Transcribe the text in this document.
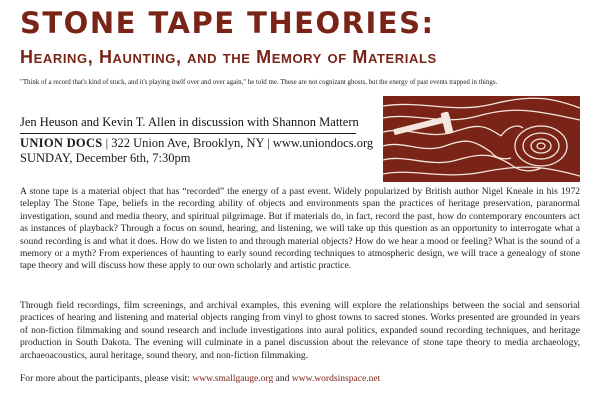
STONE TAPE THEORIES:
Hearing, Haunting, and the Memory of Materials

"Think of a record that's kind of stuck, and it's playing itself over and over again," he told me. These are not cognizant ghosts, but the energy of past events trapped in things.

Jen Heuson and Kevin T. Allen in discussion with Shannon Mattern

UNION DOCS | 322 Union Ave, Brooklyn, NY | www.uniondocs.org

SUNDAY, December 6th, 7:30pm

A stone tape is a material object that has “recorded” the energy of a past event. Widely popularized by British author Nigel Kneale in his 1972 teleplay The Stone Tape, beliefs in the recording ability of objects and environments span the practices of heritage preservation, paranormal investigation, sound and media theory, and spiritual pilgrimage. But if materials do, in fact, record the past, how do contemporary encounters act as instances of playback? Through a focus on sound, hearing, and listening, we will take up this question as an opportunity to interrogate what a sound recording is and what it does. How do we listen to and through material objects? How do we hear a mood or feeling? What is the sound of a memory or a myth? From experiences of haunting to early sound recording techniques to atmospheric design, we will trace a genealogy of stone tape theory and will discuss how these apply to our own scholarly and artistic practice.

Through field recordings, film screenings, and archival examples, this evening will explore the relationships between the social and sensorial practices of hearing and listening and material objects ranging from vinyl to ghost towns to sacred stones. Works presented are grounded in years of non-fiction filmmaking and sound research and include investigations into aural politics, expanded sound recording techniques, and heritage production in South Dakota. The evening will culminate in a panel discussion about the relevance of stone tape theory to media archaeology, archaeoacoustics, aural heritage, sound theory, and non-fiction filmmaking.

For more about the participants, please visit: www.smallgauge.org and www.wordsinspace.net
